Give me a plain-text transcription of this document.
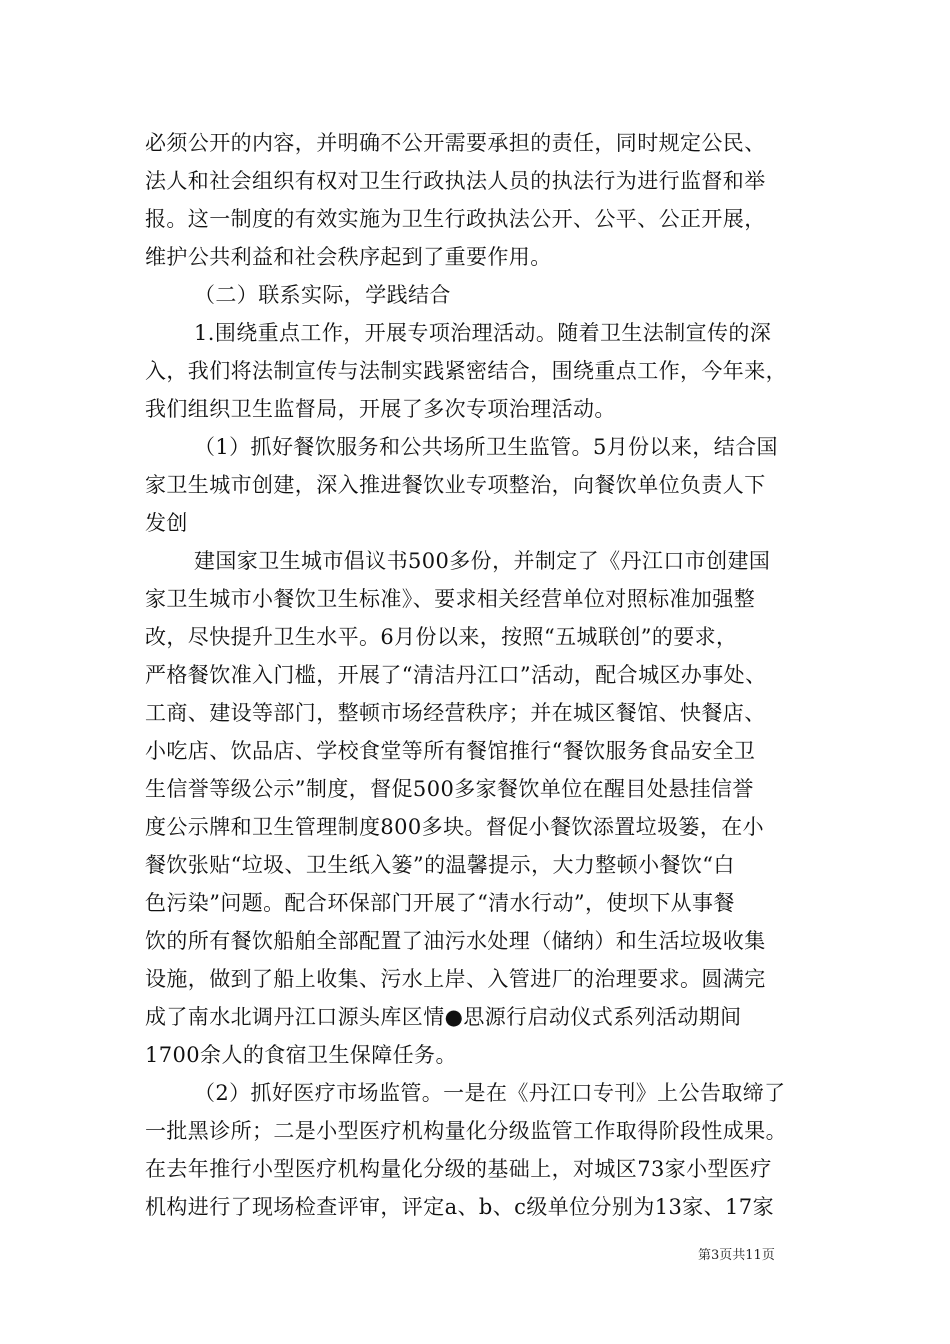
必须公开的内容，并明确不公开需要承担的责任，同时规定公民、
法人和社会组织有权对卫生行政执法人员的执法行为进行监督和举
报。这一制度的有效实施为卫生行政执法公开、公平、公正开展，
维护公共利益和社会秩序起到了重要作用。
（二）联系实际，学践结合
1.围绕重点工作，开展专项治理活动。随着卫生法制宣传的深
入，我们将法制宣传与法制实践紧密结合，围绕重点工作，今年来，
我们组织卫生监督局，开展了多次专项治理活动。
（1）抓好餐饮服务和公共场所卫生监管。5月份以来，结合国
家卫生城市创建，深入推进餐饮业专项整治，向餐饮单位负责人下
发创
建国家卫生城市倡议书500多份，并制定了《丹江口市创建国
家卫生城市小餐饮卫生标准》、要求相关经营单位对照标准加强整
改，尽快提升卫生水平。6月份以来，按照“五城联创”的要求，
严格餐饮准入门槛，开展了“清洁丹江口”活动，配合城区办事处、
工商、建设等部门，整顿市场经营秩序；并在城区餐馆、快餐店、
小吃店、饮品店、学校食堂等所有餐馆推行“餐饮服务食品安全卫
生信誉等级公示”制度，督促500多家餐饮单位在醒目处悬挂信誉
度公示牌和卫生管理制度800多块。督促小餐饮添置垃圾篓，在小
餐饮张贴“垃圾、卫生纸入篓”的温馨提示，大力整顿小餐饮“白
色污染”问题。配合环保部门开展了“清水行动”，使坝下从事餐
饮的所有餐饮船舶全部配置了油污水处理（储纳）和生活垃圾收集
设施，做到了船上收集、污水上岸、入管进厂的治理要求。圆满完
成了南水北调丹江口源头库区情●思源行启动仪式系列活动期间
1700余人的食宿卫生保障任务。
（2）抓好医疗市场监管。一是在《丹江口专刊》上公告取缔了
一批黑诊所；二是小型医疗机构量化分级监管工作取得阶段性成果。
在去年推行小型医疗机构量化分级的基础上，对城区73家小型医疗
机构进行了现场检查评审，评定a、b、c级单位分别为13家、17家
第3页共11页
